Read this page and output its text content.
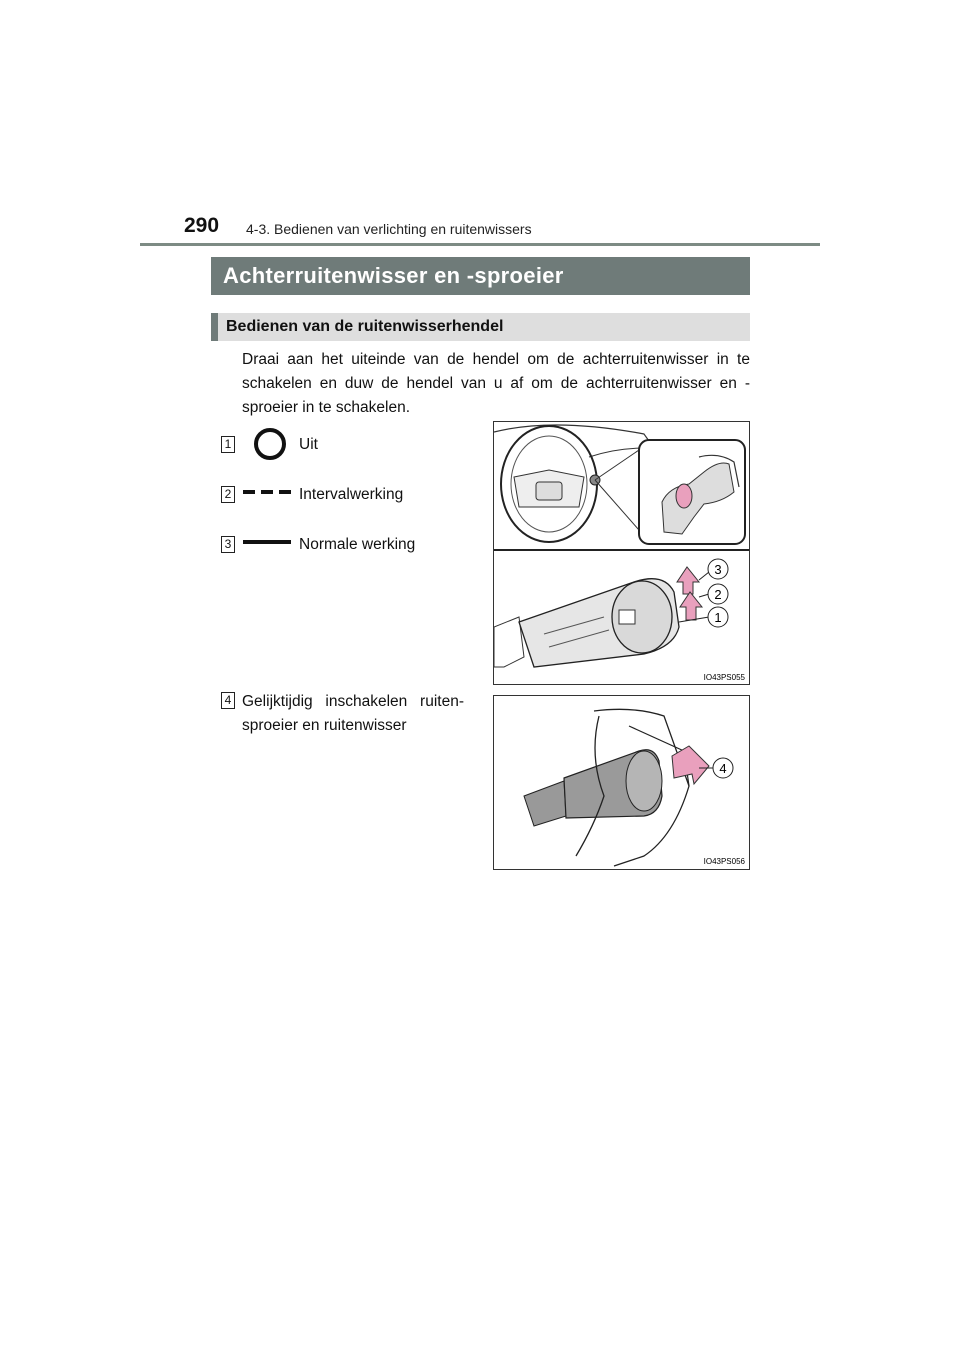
290 4-3. Bedienen van verlichting en ruitenwissers
Achterruitenwisser en -sproeier
Bedienen van de ruitenwisserhendel
Draai aan het uiteinde van de hendel om de achterruitenwisser in te schakelen en duw de hendel van u af om de achterruitenwisser en -sproeier in te schakelen.
1	Uit
2	Intervalwerking
3	Normale werking
4 Gelijktijdig inschakelen ruiten-sproeier en ruitenwisser
3
2
1
IO43PS055
4
IO43PS056
